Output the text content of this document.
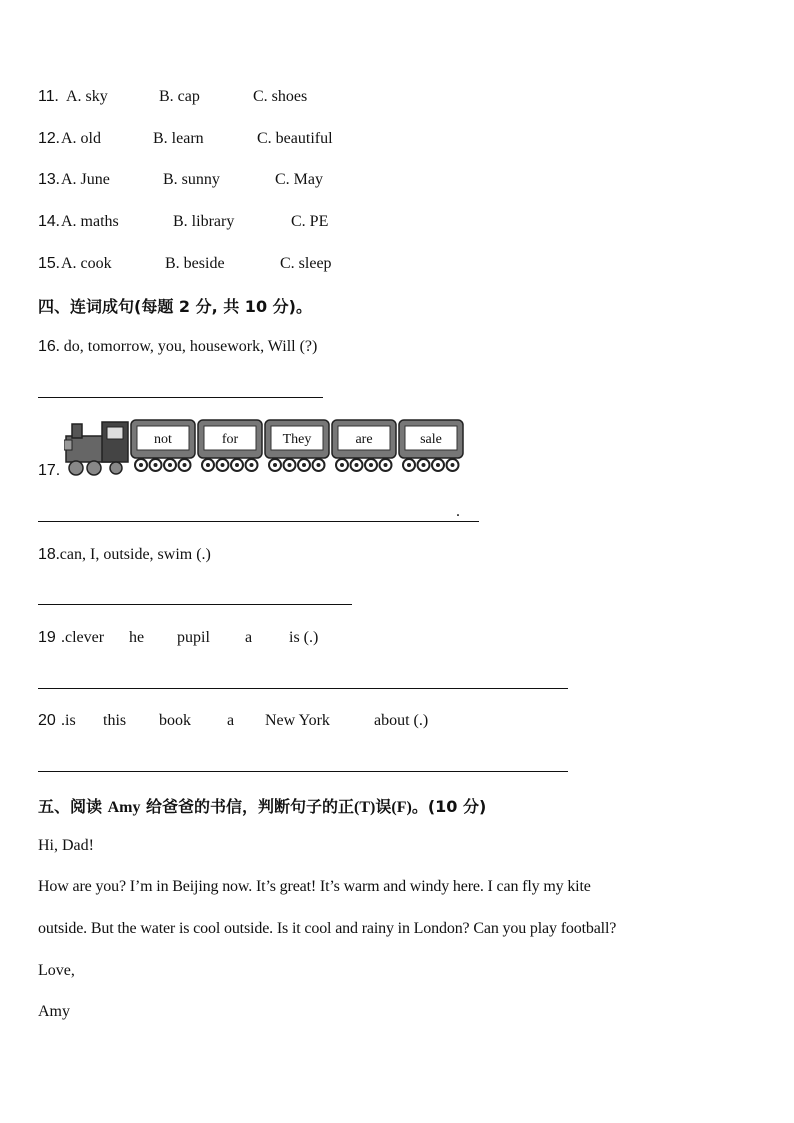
11. A. sky	B. cap	C. shoes
12. A. old	B. learn	C. beautiful
13. A. June	B. sunny	C. May
14. A. maths	B. library	C. PE
15. A. cook	B. beside	C. sleep
四、连词成句(每题 2 分, 共 10 分)。
16. do, tomorrow, you, housework, Will (?)
17.
not	for	They	are	sale
.
18.can, I, outside, swim (.)
19 .clever he pupil a is (.)
20 .is this book a New York	about (.)
五、阅读 Amy 给爸爸的书信，判断句子的正(T)误(F)。(10 分)
Hi, Dad!
How are you? I’m in Beijing now. It’s great! It’s warm and windy here. I can fly my kite
outside. But the water is cool outside. Is it cool and rainy in London? Can you play football?
Love,
Amy
